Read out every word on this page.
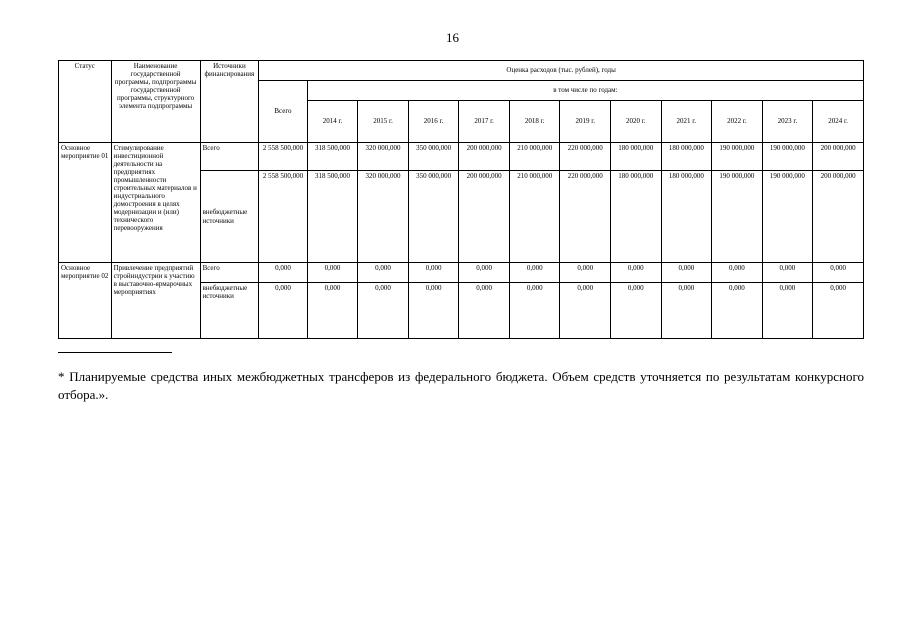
16
Статус	Наименование государственной программы, подпрограммы государственной программы, структурного элемента подпрограммы	Источники финансирования	Оценка расходов (тыс. рублей), годы											
			Всего	в том числе по годам:										
				2014 г.	2015 г.	2016 г.	2017 г.	2018 г.	2019 г.	2020 г.	2021 г.	2022 г.	2023 г.	2024 г.
Основное мероприятие 01	Стимулирование инвестиционной деятельности на предприятиях промышленности строительных материалов и индустриального домостроения в целях модернизации и (или) технического перевооружения	Всего	2 558 500,000	318 500,000	320 000,000	350 000,000	200 000,000	210 000,000	220 000,000	180 000,000	180 000,000	190 000,000	190 000,000	200 000,000
		внебюджетные источники	2 558 500,000	318 500,000	320 000,000	350 000,000	200 000,000	210 000,000	220 000,000	180 000,000	180 000,000	190 000,000	190 000,000	200 000,000
Основное мероприятие 02	Привлечение предприятий стройиндустрии к участию в выставочно-ярмарочных мероприятиях	Всего	0,000	0,000	0,000	0,000	0,000	0,000	0,000	0,000	0,000	0,000	0,000	0,000
		внебюджетные источники	0,000	0,000	0,000	0,000	0,000	0,000	0,000	0,000	0,000	0,000	0,000	0,000
* Планируемые средства иных межбюджетных трансферов из федерального бюджета. Объем средств уточняется по результатам конкурсного отбора.».
